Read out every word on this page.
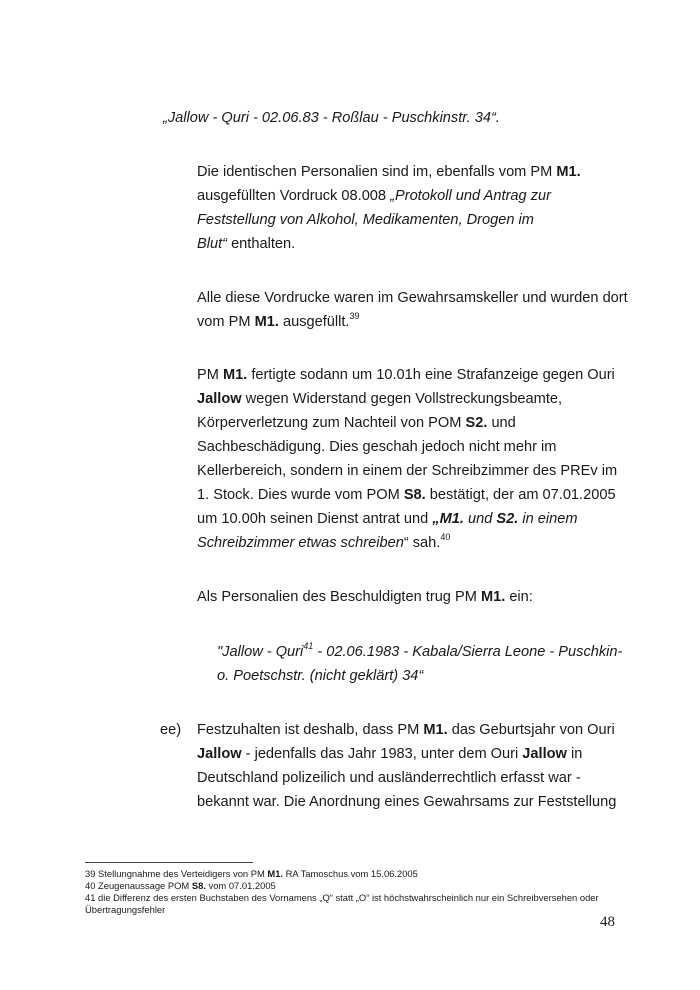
„Jallow - Quri - 02.06.83 - Roßlau - Puschkinstr. 34“.
Die identischen Personalien sind im, ebenfalls vom PM M1.
ausgefüllten Vordruck 08.008 „Protokoll und Antrag zur
Feststellung von Alkohol, Medikamenten, Drogen im
Blut“ enthalten.
Alle diese Vordrucke waren im Gewahrsamskeller und wurden dort
vom PM M1. ausgefüllt.$^{39}$
PM M1. fertigte sodann um 10.01h eine Strafanzeige gegen Ouri
Jallow wegen Widerstand gegen Vollstreckungsbeamte,
Körperverletzung zum Nachteil von POM S2. und
Sachbeschädigung. Dies geschah jedoch nicht mehr im
Kellerbereich, sondern in einem der Schreibzimmer des PREv im
1. Stock. Dies wurde vom POM S8. bestätigt, der am 07.01.2005
um 10.00h seinen Dienst antrat und „M1. und S2. in einem
Schreibzimmer etwas schreiben“ sah.$^{40}$
Als Personalien des Beschuldigten trug PM M1. ein:
"Jallow - Quri$^{41}$ - 02.06.1983 - Kabala/Sierra Leone - Puschkin-
o. Poetschstr. (nicht geklärt) 34“
ee) Festzuhalten ist deshalb, dass PM M1. das Geburtsjahr von Ouri
Jallow - jedenfalls das Jahr 1983, unter dem Ouri Jallow in
Deutschland polizeilich und ausländerrechtlich erfasst war -
bekannt war. Die Anordnung eines Gewahrsams zur Feststellung
39 Stellungnahme des Verteidigers von PM M1. RA Tamoschus vom 15.06.2005
40 Zeugenaussage POM S8. vom 07.01.2005
41 die Differenz des ersten Buchstaben des Vornamens „Q“ statt „O“ ist höchstwahrscheinlich nur ein Schreibversehen oder
Übertragungsfehler
48
